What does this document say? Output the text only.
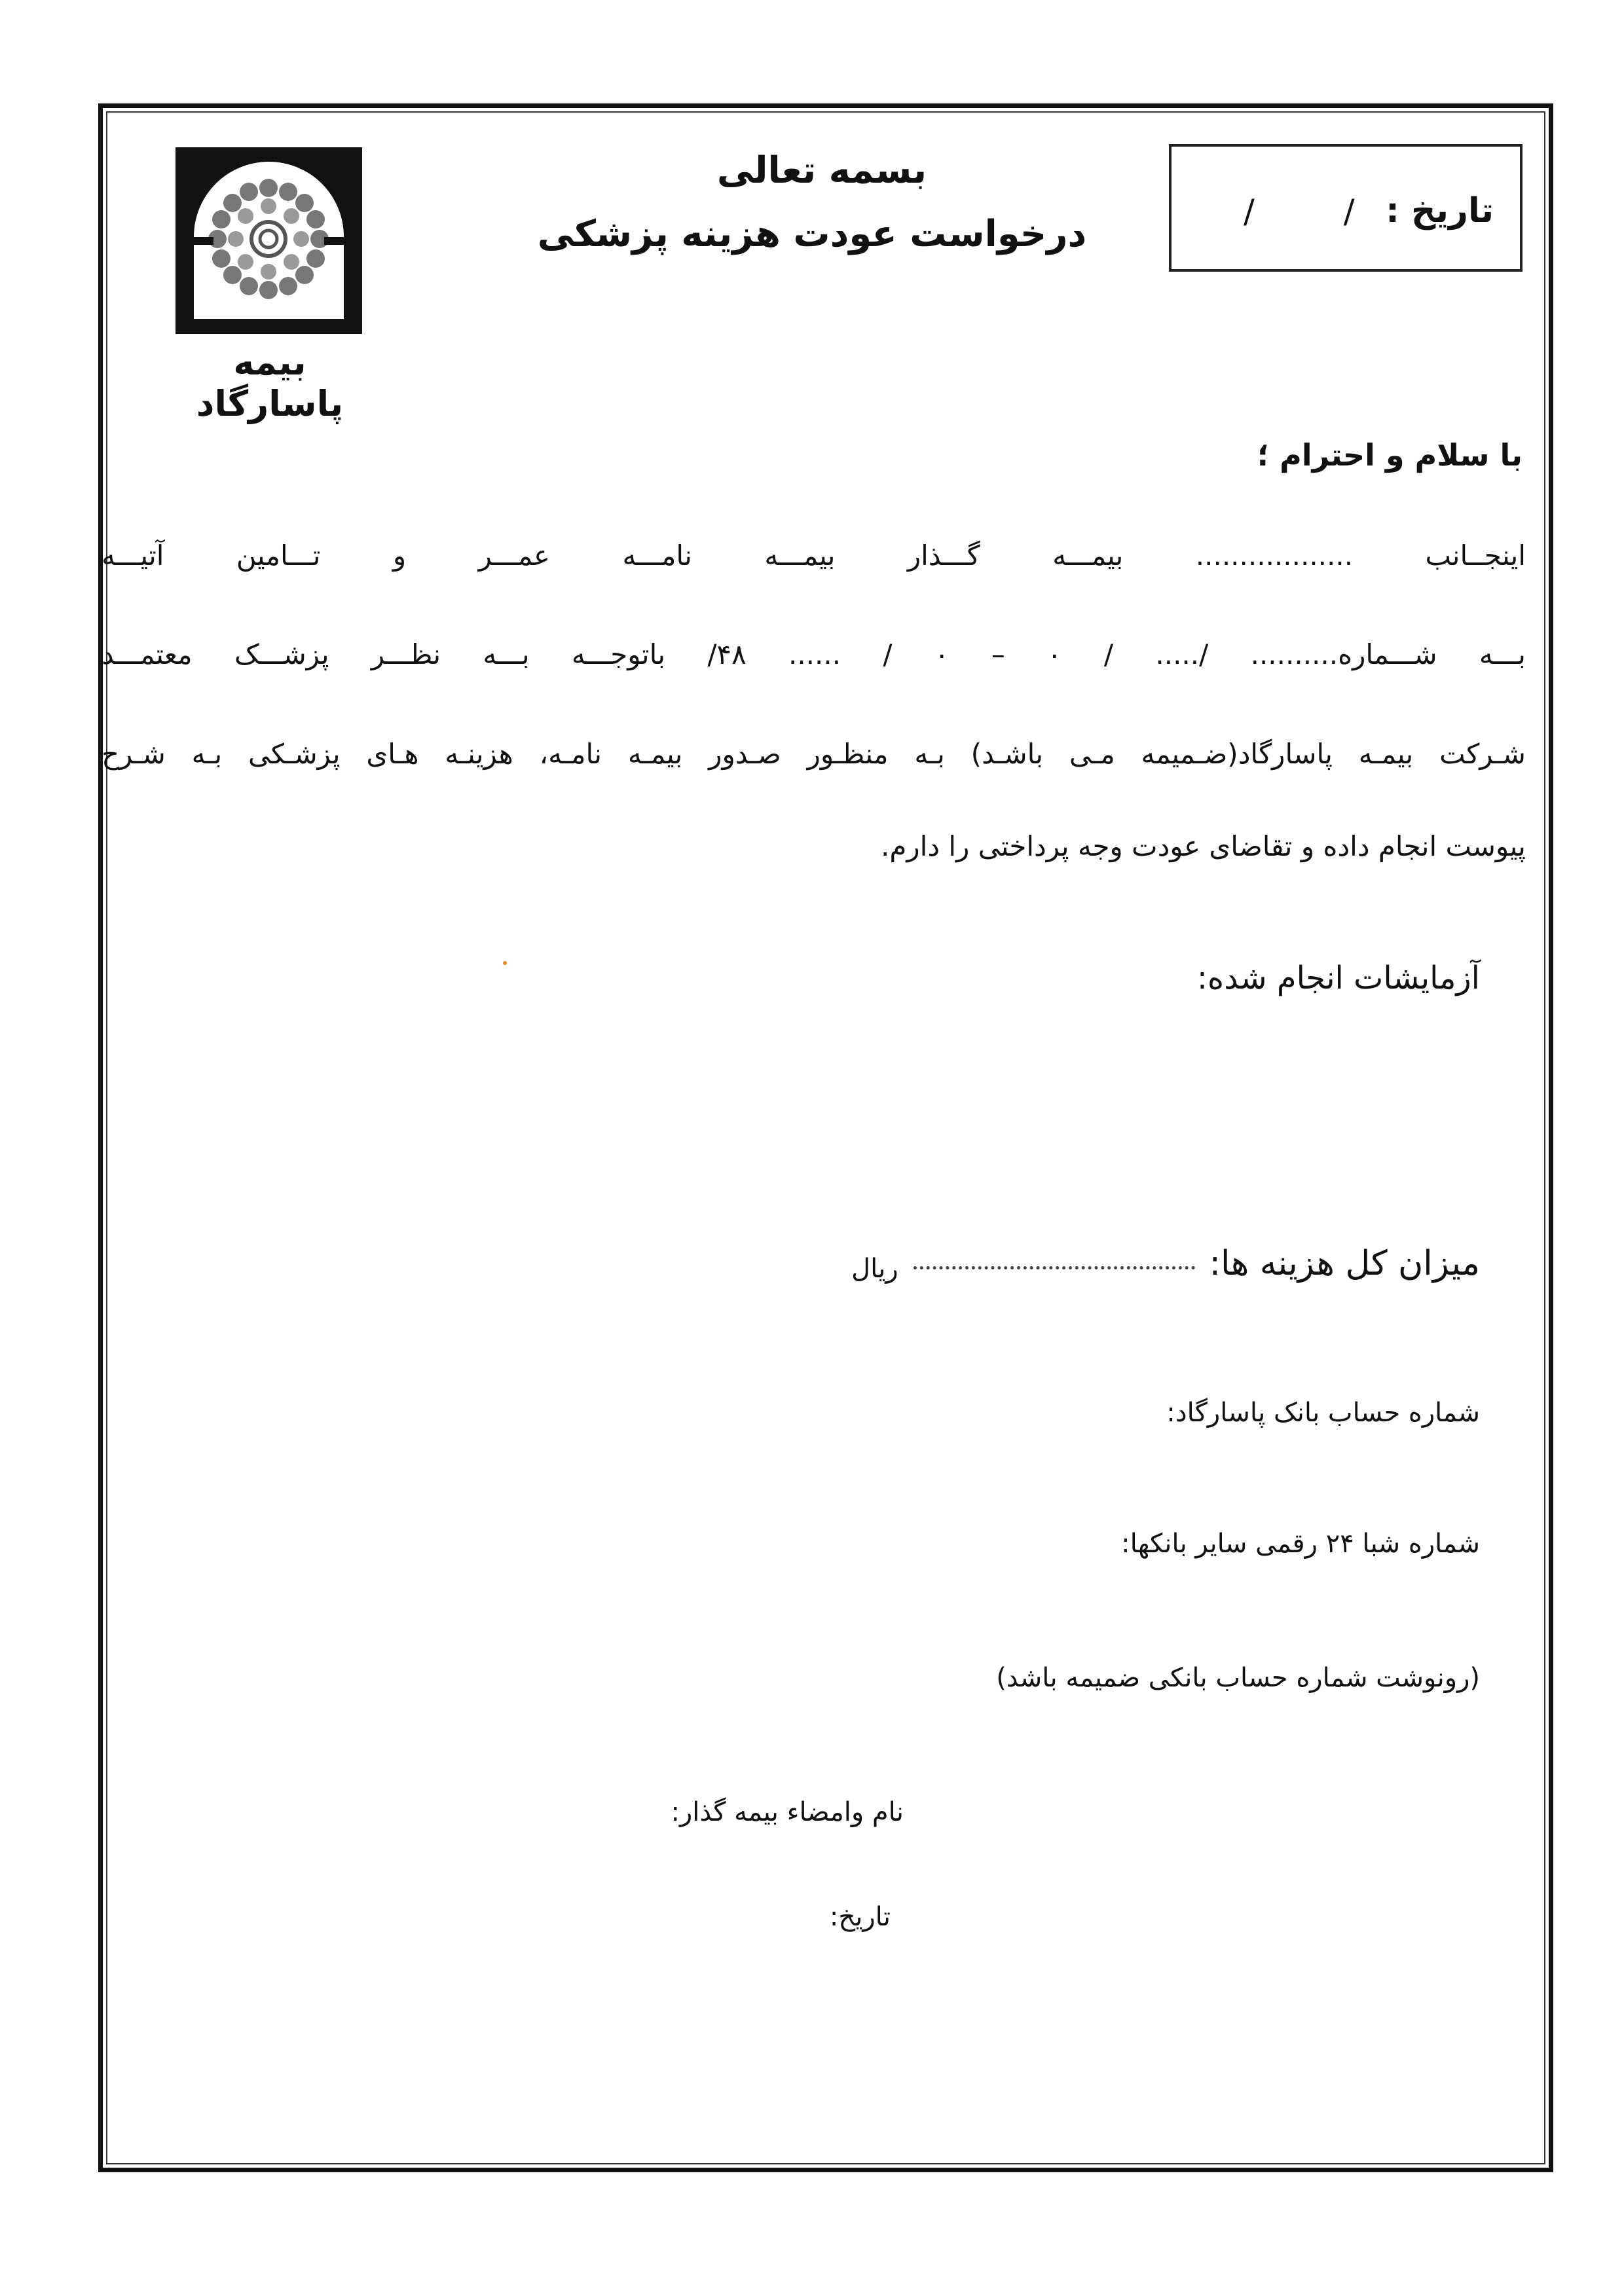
بیمه پاسارگاد
بسمه تعالی
درخواست عودت هزینه پزشکی
تاریخ :
/ /
با سلام و احترام ؛
اینجــانب .................. بیمـــه گـــذار بیمـــه نامـــه عمـــر و تـــامین آتیـــه
بـــه شـــماره.......... /..... / ۰ – ۰ / ...... ۴۸/ باتوجـــه بـــه نظـــر پزشـــک معتمـــد
شـرکت بیمـه پاسارگاد(ضـمیمه مـی باشـد) بـه منظـور صـدور بیمـه نامـه، هزینـه هـای پزشـکی بـه شـرح
پیوست انجام داده و تقاضای عودت وجه پرداختی را دارم.
آزمایشات انجام شده:
میزان کل هزینه ها:
ریال
شماره حساب بانک پاسارگاد:
شماره شبا ۲۴ رقمی سایر بانکها:
(رونوشت شماره حساب بانکی ضمیمه باشد)
نام وامضاء بیمه گذار:
تاریخ:
